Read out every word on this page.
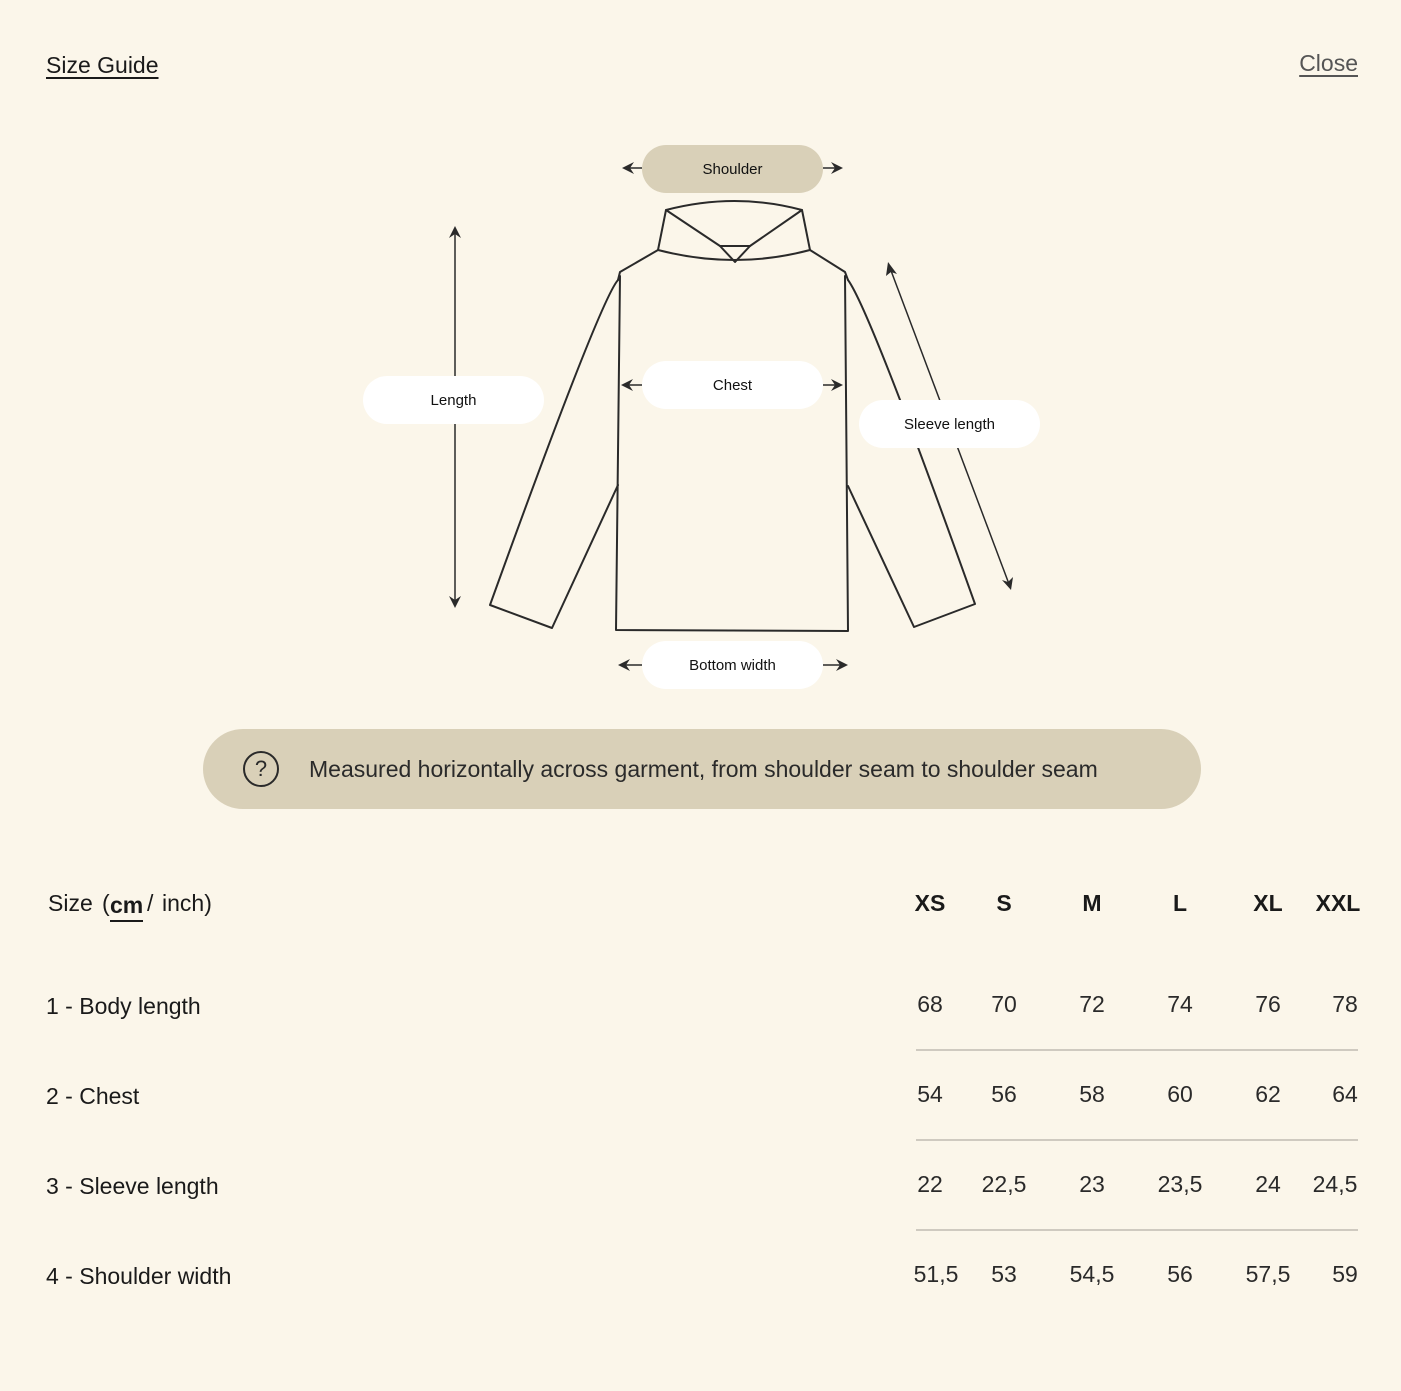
Size Guide	Close
Shoulder
Length
Chest
Sleeve length
Bottom width
?	Measured horizontally across garment, from shoulder seam to shoulder seam
Size ( cm / inch)	XS	S	M	L	XL	XXL
1 - Body length	68	70	72	74	76	78
2 - Chest	54	56	58	60	62	64
3 - Sleeve length	22	22,5	23	23,5	24	24,5
4 - Shoulder width	51,5	53	54,5	56	57,5	59
